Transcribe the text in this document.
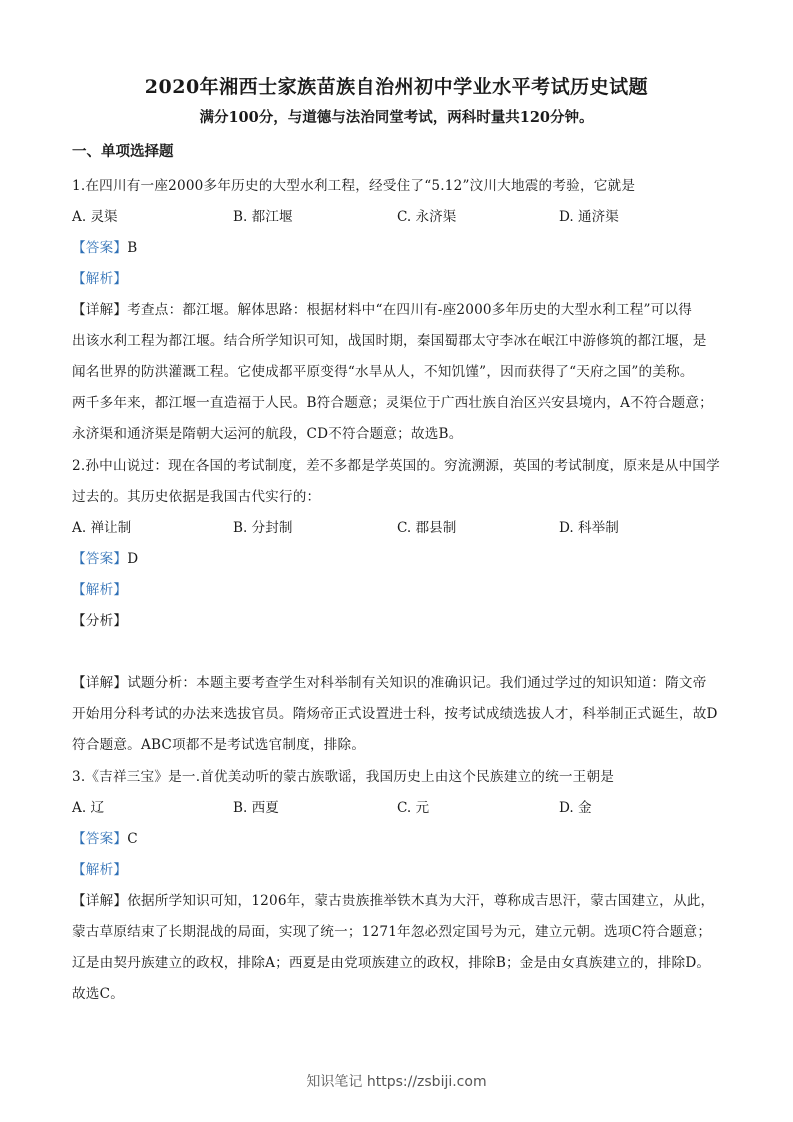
2020年湘西士家族苗族自治州初中学业水平考试历史试题
满分100分，与道德与法治同堂考试，两科时量共120分钟。
一、单项选择题
1.在四川有一座2000多年历史的大型水利工程，经受住了“5.12”汶川大地震的考验，它就是
A. 灵渠	B. 都江堰	C. 永济渠	D. 通济渠
【答案】B
【解析】
【详解】考查点：都江堰。解体思路：根据材料中“在四川有-座2000多年历史的大型水利工程”可以得
出该水利工程为都江堰。结合所学知识可知，战国时期，秦国蜀郡太守李冰在岷江中游修筑的都江堰，是
闻名世界的防洪灌溉工程。它使成都平原变得“水旱从人，不知饥馑”，因而获得了“天府之国”的美称。
两千多年来，都江堰一直造福于人民。B符合题意；灵渠位于广西壮族自治区兴安县境内，A不符合题意；
永济渠和通济渠是隋朝大运河的航段，CD不符合题意；故选B。
2.孙中山说过：现在各国的考试制度，差不多都是学英国的。穷流溯源，英国的考试制度，原来是从中国学
过去的。其历史依据是我国古代实行的：
A. 禅让制	B. 分封制	C. 郡县制	D. 科举制
【答案】D
【解析】
【分析】
【详解】试题分析：本题主要考查学生对科举制有关知识的准确识记。我们通过学过的知识知道：隋文帝
开始用分科考试的办法来选拔官员。隋炀帝正式设置进士科，按考试成绩选拔人才，科举制正式诞生，故D
符合题意。ABC项都不是考试选官制度，排除。
3.《吉祥三宝》是一.首优美动听的蒙古族歌谣，我国历史上由这个民族建立的统一王朝是
A. 辽	B. 西夏	C. 元	D. 金
【答案】C
【解析】
【详解】依据所学知识可知，1206年，蒙古贵族推举铁木真为大汗，尊称成吉思汗，蒙古国建立，从此，
蒙古草原结束了长期混战的局面，实现了统一；1271年忽必烈定国号为元，建立元朝。选项C符合题意；
辽是由契丹族建立的政权，排除A；西夏是由党项族建立的政权，排除B；金是由女真族建立的，排除D。
故选C。
知识笔记 https://zsbiji.com
